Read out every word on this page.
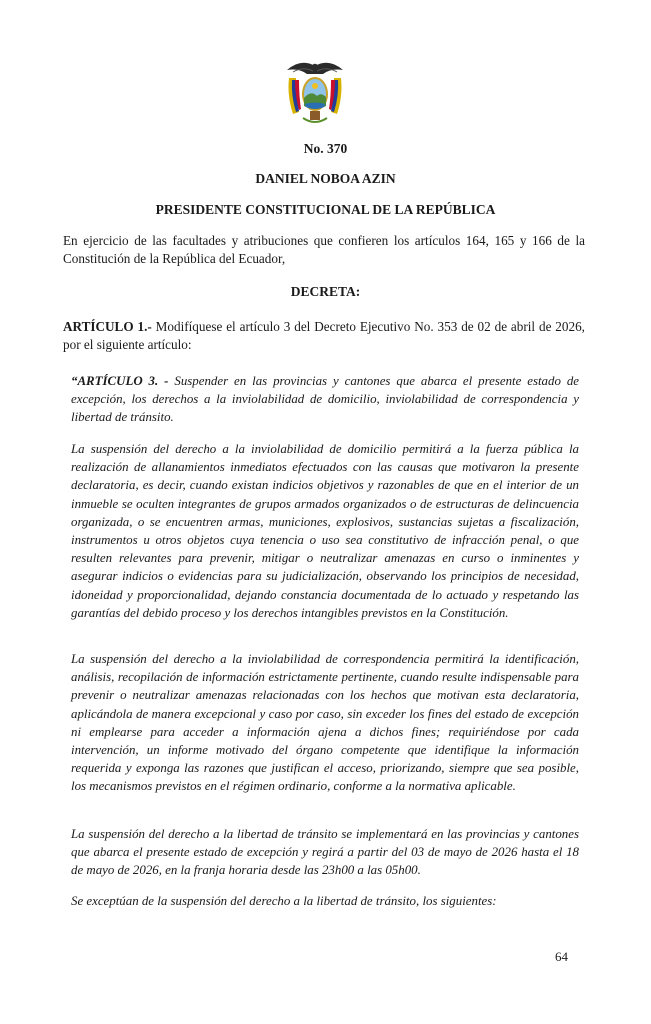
No. 370
DANIEL NOBOA AZIN
PRESIDENTE CONSTITUCIONAL DE LA REPÚBLICA
En ejercicio de las facultades y atribuciones que confieren los artículos 164, 165 y 166 de la Constitución de la República del Ecuador,
DECRETA:
ARTÍCULO 1.- Modifíquese el artículo 3 del Decreto Ejecutivo No. 353 de 02 de abril de 2026, por el siguiente artículo:
“ARTÍCULO 3. - Suspender en las provincias y cantones que abarca el presente estado de excepción, los derechos a la inviolabilidad de domicilio, inviolabilidad de correspondencia y libertad de tránsito.
La suspensión del derecho a la inviolabilidad de domicilio permitirá a la fuerza pública la realización de allanamientos inmediatos efectuados con las causas que motivaron la presente declaratoria, es decir, cuando existan indicios objetivos y razonables de que en el interior de un inmueble se oculten integrantes de grupos armados organizados o de estructuras de delincuencia organizada, o se encuentren armas, municiones, explosivos, sustancias sujetas a fiscalización, instrumentos u otros objetos cuya tenencia o uso sea constitutivo de infracción penal, o que resulten relevantes para prevenir, mitigar o neutralizar amenazas en curso o inminentes y asegurar indicios o evidencias para su judicialización, observando los principios de necesidad, idoneidad y proporcionalidad, dejando constancia documentada de lo actuado y respetando las garantías del debido proceso y los derechos intangibles previstos en la Constitución.
La suspensión del derecho a la inviolabilidad de correspondencia permitirá la identificación, análisis, recopilación de información estrictamente pertinente, cuando resulte indispensable para prevenir o neutralizar amenazas relacionadas con los hechos que motivan esta declaratoria, aplicándola de manera excepcional y caso por caso, sin exceder los fines del estado de excepción ni emplearse para acceder a información ajena a dichos fines; requiriéndose por cada intervención, un informe motivado del órgano competente que identifique la información requerida y exponga las razones que justifican el acceso, priorizando, siempre que sea posible, los mecanismos previstos en el régimen ordinario, conforme a la normativa aplicable.
La suspensión del derecho a la libertad de tránsito se implementará en las provincias y cantones que abarca el presente estado de excepción y regirá a partir del 03 de mayo de 2026 hasta el 18 de mayo de 2026, en la franja horaria desde las 23h00 a las 05h00.
Se exceptúan de la suspensión del derecho a la libertad de tránsito, los siguientes:
64
